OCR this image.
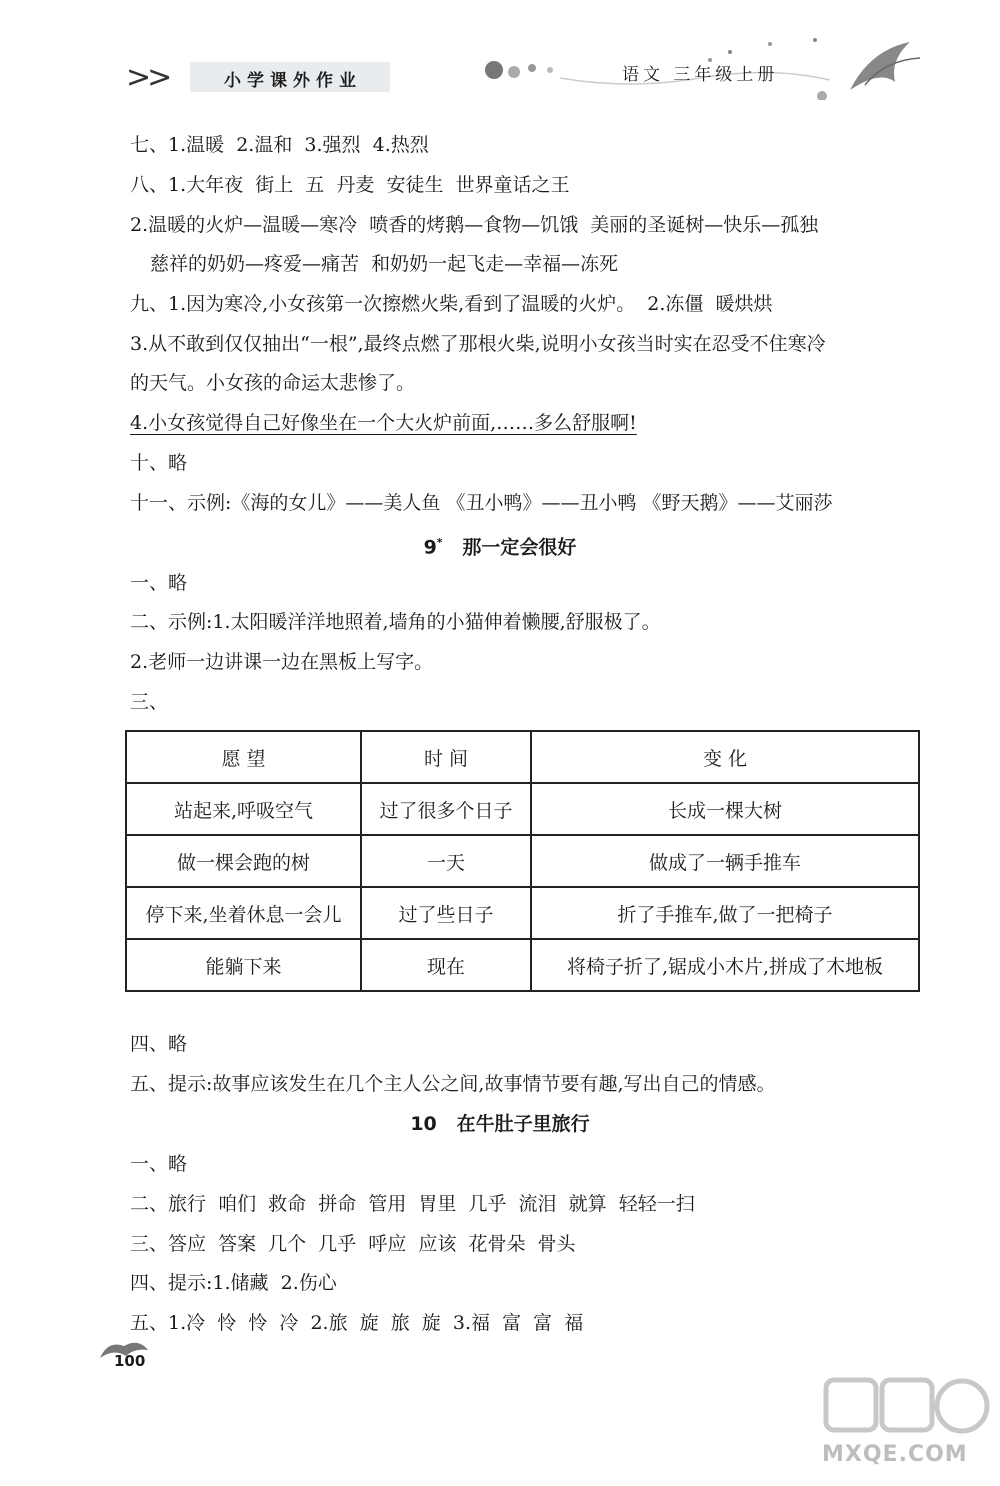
>>	小学课外作业	语文 三年级上册
七、1.温暖  2.温和  3.强烈  4.热烈
八、1.大年夜  街上  五  丹麦  安徒生  世界童话之王
2.温暖的火炉—温暖—寒冷  喷香的烤鹅—食物—饥饿  美丽的圣诞树—快乐—孤独
慈祥的奶奶—疼爱—痛苦  和奶奶一起飞走—幸福—冻死
九、1.因为寒冷,小女孩第一次擦燃火柴,看到了温暖的火炉。  2.冻僵  暖烘烘
3.从不敢到仅仅抽出“一根”,最终点燃了那根火柴,说明小女孩当时实在忍受不住寒冷
的天气。小女孩的命运太悲惨了。
4.小女孩觉得自己好像坐在一个大火炉前面,……多么舒服啊!
十、略
十一、示例:《海的女儿》——美人鱼 《丑小鸭》——丑小鸭 《野天鹅》——艾丽莎
9* 那一定会很好
一、略
二、示例:1.太阳暖洋洋地照着,墙角的小猫伸着懒腰,舒服极了。
2.老师一边讲课一边在黑板上写字。
三、
愿 望	时 间	变 化
站起来,呼吸空气	过了很多个日子	长成一棵大树
做一棵会跑的树	一天	做成了一辆手推车
停下来,坐着休息一会儿	过了些日子	折了手推车,做了一把椅子
能躺下来	现在	将椅子折了,锯成小木片,拼成了木地板
四、略
五、提示:故事应该发生在几个主人公之间,故事情节要有趣,写出自己的情感。
10 在牛肚子里旅行
一、略
二、旅行  咱们  救命  拼命  管用  胃里  几乎  流泪  就算  轻轻一扫
三、答应  答案  几个  几乎  呼应  应该  花骨朵  骨头
四、提示:1.储藏  2.伤心
五、1.冷  怜  怜  冷  2.旅  旋  旅  旋  3.福  富  富  福
100
MXQE.COM
